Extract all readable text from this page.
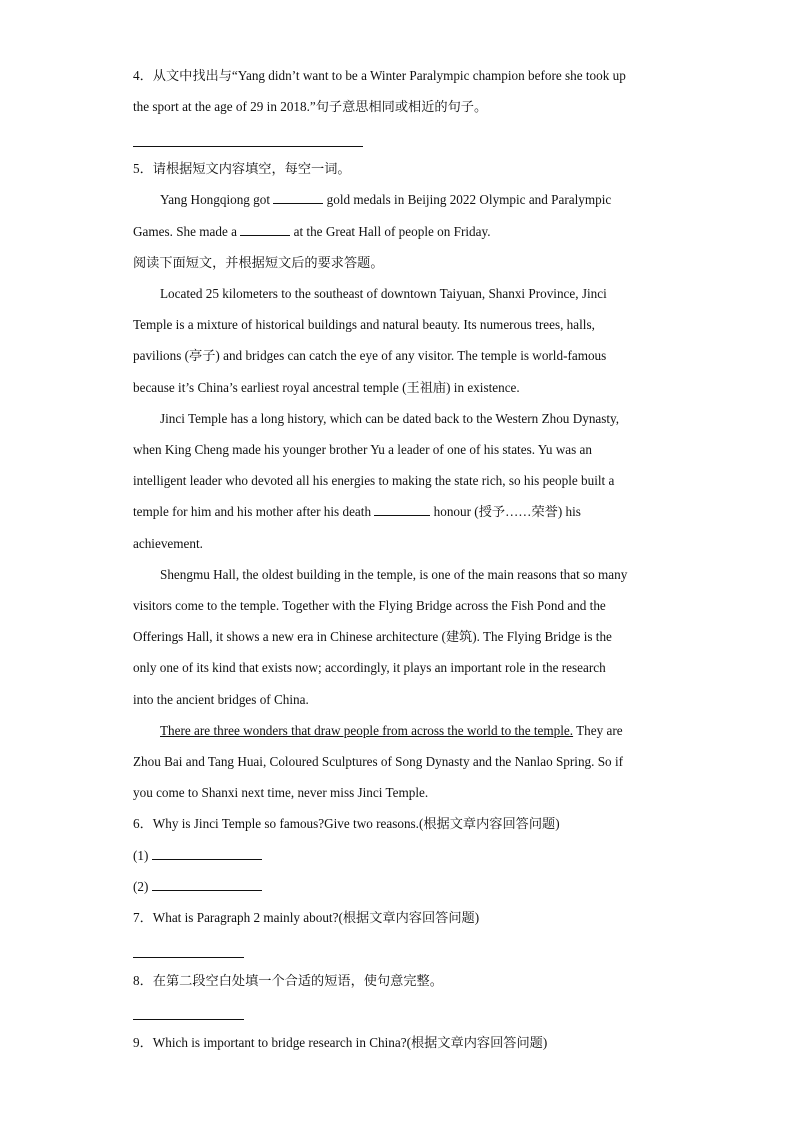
4．从文中找出与“Yang didn’t want to be a Winter Paralympic champion before she took up
the sport at the age of 29 in 2018.”句子意思相同或相近的句子。
5．请根据短文内容填空，每空一词。
Yang Hongqiong got	gold medals in Beijing 2022 Olympic and Paralympic
Games. She made a	at the Great Hall of people on Friday.
阅读下面短文，并根据短文后的要求答题。
Located 25 kilometers to the southeast of downtown Taiyuan, Shanxi Province, Jinci
Temple is a mixture of historical buildings and natural beauty. Its numerous trees, halls,
pavilions (亭子) and bridges can catch the eye of any visitor. The temple is world-famous
because it’s China’s earliest royal ancestral temple (王祖庙) in existence.
Jinci Temple has a long history, which can be dated back to the Western Zhou Dynasty,
when King Cheng made his younger brother Yu a leader of one of his states. Yu was an
intelligent leader who devoted all his energies to making the state rich, so his people built a
temple for him and his mother after his death	honour (授予……荣誉) his
achievement.
Shengmu Hall, the oldest building in the temple, is one of the main reasons that so many
visitors come to the temple. Together with the Flying Bridge across the Fish Pond and the
Offerings Hall, it shows a new era in Chinese architecture (建筑). The Flying Bridge is the
only one of its kind that exists now; accordingly, it plays an important role in the research
into the ancient bridges of China.
There are three wonders that draw people from across the world to the temple. They are
Zhou Bai and Tang Huai, Coloured Sculptures of Song Dynasty and the Nanlao Spring. So if
you come to Shanxi next time, never miss Jinci Temple.
6．Why is Jinci Temple so famous?Give two reasons.(根据文章内容回答问题)
(1)
(2)
7．What is Paragraph 2 mainly about?(根据文章内容回答问题)
8．在第二段空白处填一个合适的短语，使句意完整。
9．Which is important to bridge research in China?(根据文章内容回答问题)
